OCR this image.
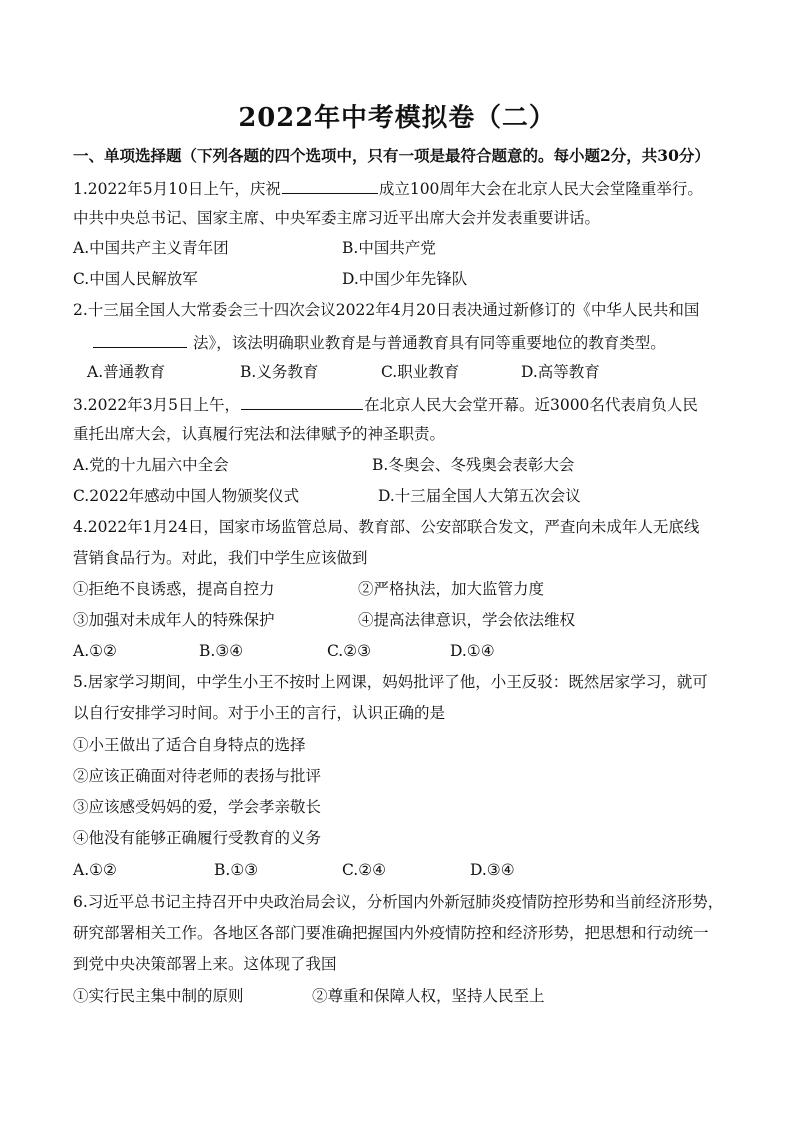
2022年中考模拟卷（二）
一、单项选择题（下列各题的四个选项中，只有一项是最符合题意的。每小题2分，共30分）
1.2022年5月10日上午，庆祝	成立100周年大会在北京人民大会堂隆重举行。
中共中央总书记、国家主席、中央军委主席习近平出席大会并发表重要讲话。
A.中国共产主义青年团	B.中国共产党
C.中国人民解放军	D.中国少年先锋队
2.十三届全国人大常委会三十四次会议2022年4月20日表决通过新修订的《中华人民共和国
法》，该法明确职业教育是与普通教育具有同等重要地位的教育类型。
A.普通教育	B.义务教育	C.职业教育	D.高等教育
3.2022年3月5日上午，	在北京人民大会堂开幕。近3000名代表肩负人民
重托出席大会，认真履行宪法和法律赋予的神圣职责。
A.党的十九届六中全会	B.冬奥会、冬残奥会表彰大会
C.2022年感动中国人物颁奖仪式	D.十三届全国人大第五次会议
4.2022年1月24日，国家市场监管总局、教育部、公安部联合发文，严查向未成年人无底线
营销食品行为。对此，我们中学生应该做到
①拒绝不良诱惑，提高自控力	②严格执法，加大监管力度
③加强对未成年人的特殊保护	④提高法律意识，学会依法维权
A.①②	B.③④	C.②③	D.①④
5.居家学习期间，中学生小王不按时上网课，妈妈批评了他，小王反驳：既然居家学习，就可
以自行安排学习时间。对于小王的言行，认识正确的是
①小王做出了适合自身特点的选择
②应该正确面对待老师的表扬与批评
③应该感受妈妈的爱，学会孝亲敬长
④他没有能够正确履行受教育的义务
A.①②	B.①③	C.②④	D.③④
6.习近平总书记主持召开中央政治局会议，分析国内外新冠肺炎疫情防控形势和当前经济形势，
研究部署相关工作。各地区各部门要准确把握国内外疫情防控和经济形势，把思想和行动统一
到党中央决策部署上来。这体现了我国
①实行民主集中制的原则	②尊重和保障人权，坚持人民至上
